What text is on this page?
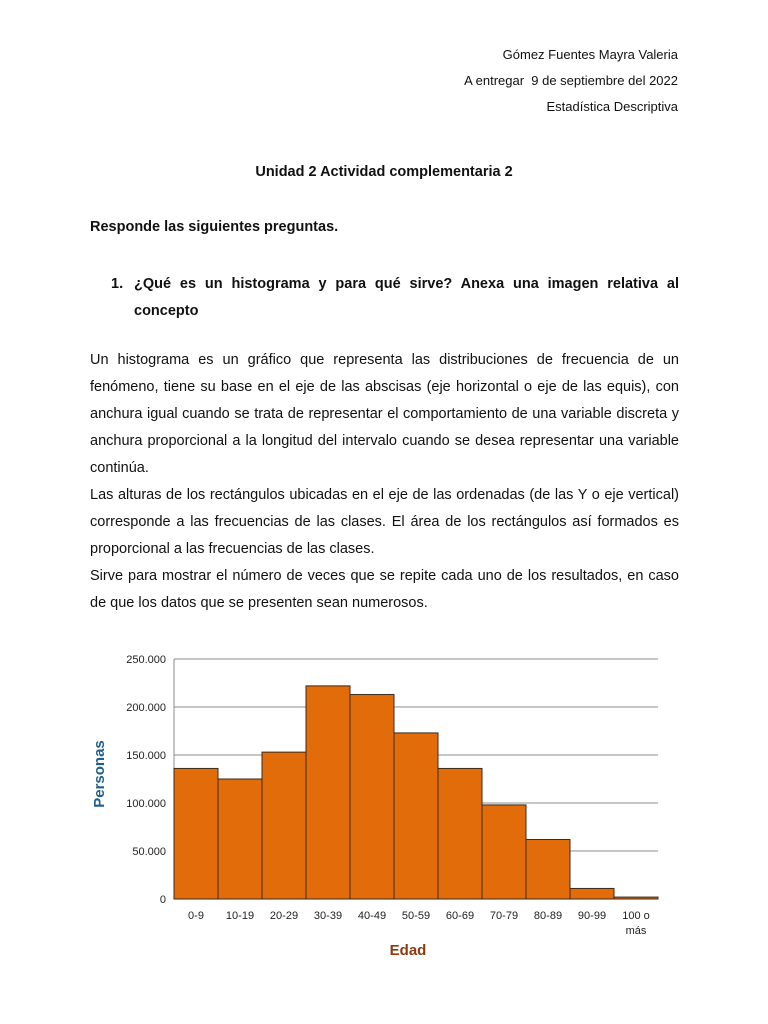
Gómez Fuentes Mayra Valeria
A entregar  9 de septiembre del 2022
Estadística Descriptiva
Unidad 2 Actividad complementaria 2
Responde las siguientes preguntas.
1. ¿Qué es un histograma y para qué sirve? Anexa una imagen relativa al concepto

Un histograma es un gráfico que representa las distribuciones de frecuencia de un fenómeno, tiene su base en el eje de las abscisas (eje horizontal o eje de las equis), con anchura igual cuando se trata de representar el comportamiento de una variable discreta y anchura proporcional a la longitud del intervalo cuando se desea representar una variable continúa.

Las alturas de los rectángulos ubicadas en el eje de las ordenadas (de las Y o eje vertical) corresponde a las frecuencias de las clases. El área de los rectángulos así formados es proporcional a las frecuencias de las clases.

Sirve para mostrar el número de veces que se repite cada uno de los resultados, en caso de que los datos que se presenten sean numerosos.

0
50.000
100.000
150.000
200.000
250.000
0-9 10-19 20-29 30-39 40-49 50-59 60-69 70-79 80-89 90-99 100 o más
Personas
Edad
